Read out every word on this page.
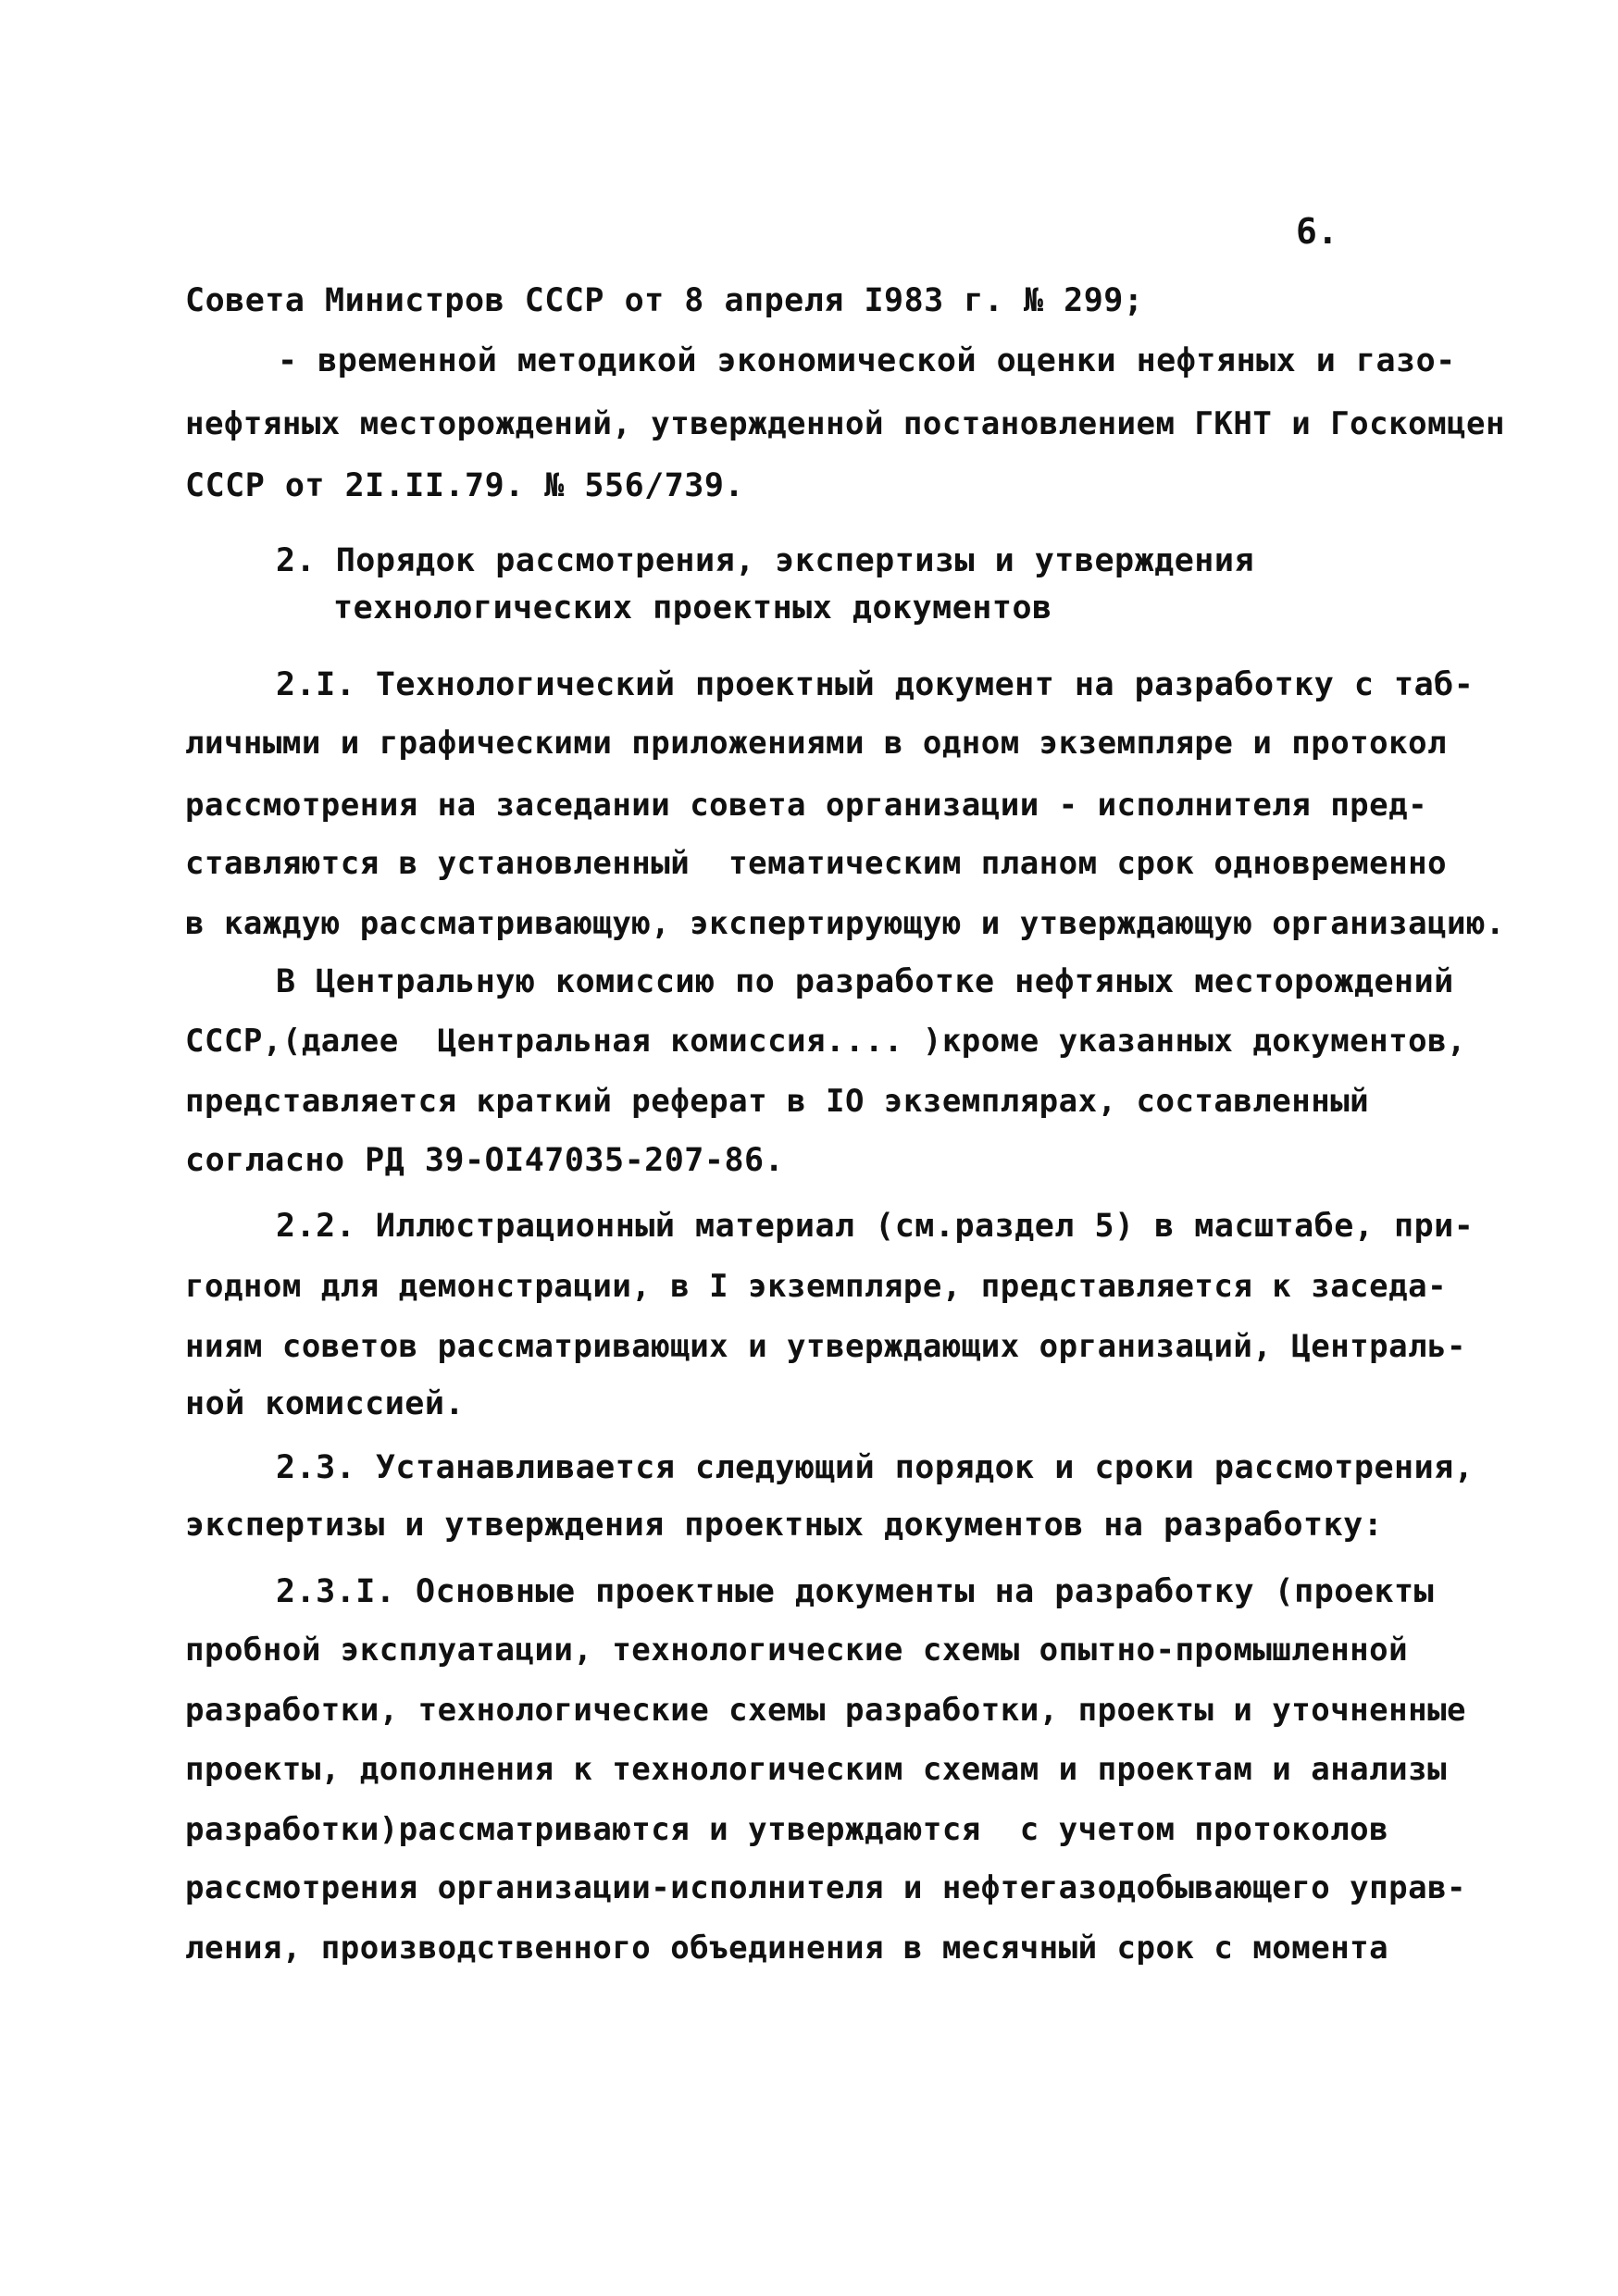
6.
Совета Министров СССР от 8 апреля I983 г. № 299;
- временной методикой экономической оценки нефтяных и газо-
нефтяных месторождений, утвержденной постановлением ГКНТ и Госкомцен
СССР от 2I.II.79. № 556/739.
2. Порядок рассмотрения, экспертизы и утверждения
технологических проектных документов
2.I. Технологический проектный документ на разработку с таб-
личными и графическими приложениями в одном экземпляре и протокол
рассмотрения на заседании совета организации - исполнителя пред-
ставляются в установленный  тематическим планом срок одновременно
в каждую рассматривающую, экспертирующую и утверждающую организацию.
В Центральную комиссию по разработке нефтяных месторождений
СССР,(далее  Центральная комиссия.... )кроме указанных документов,
представляется краткий реферат в IO экземплярах, составленный
согласно РД 39-OI47035-207-86.
2.2. Иллюстрационный материал (см.раздел 5) в масштабе, при-
годном для демонстрации, в I экземпляре, представляется к заседа-
ниям советов рассматривающих и утверждающих организаций, Централь-
ной комиссией.
2.3. Устанавливается следующий порядок и сроки рассмотрения,
экспертизы и утверждения проектных документов на разработку:
2.3.I. Основные проектные документы на разработку (проекты
пробной эксплуатации, технологические схемы опытно-промышленной
разработки, технологические схемы разработки, проекты и уточненные
проекты, дополнения к технологическим схемам и проектам и анализы
разработки)рассматриваются и утверждаются  с учетом протоколов
рассмотрения организации-исполнителя и нефтегазодобывающего управ-
ления, производственного объединения в месячный срок с момента
